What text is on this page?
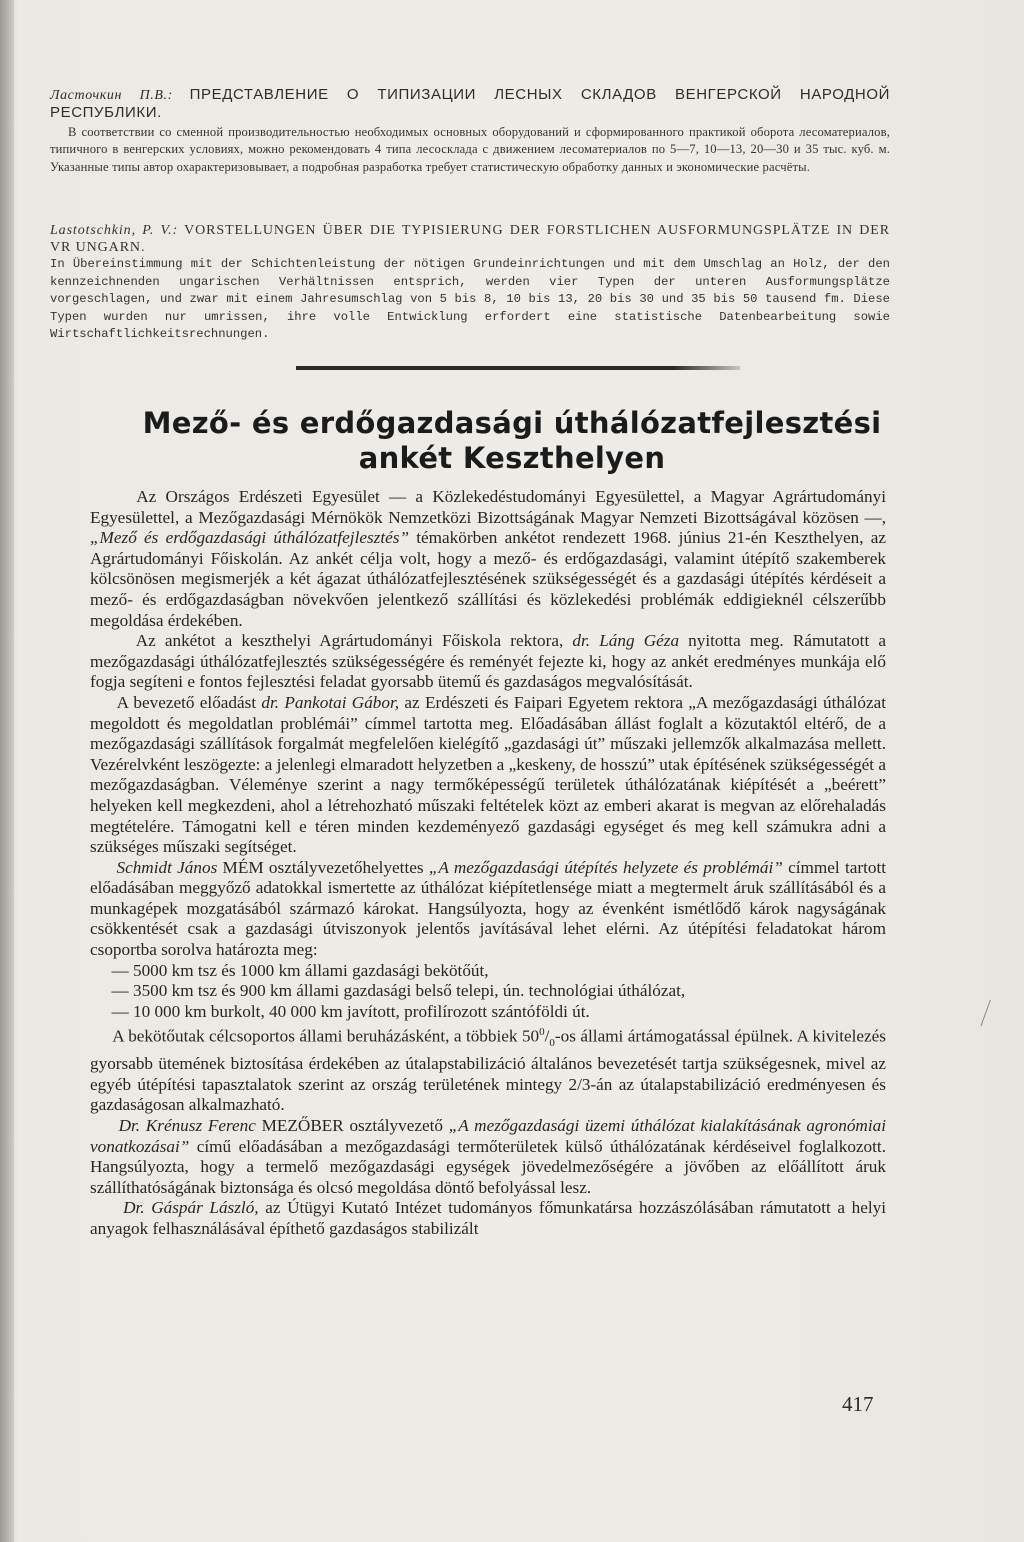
Ласточкин П.В.: ПРЕДСТАВЛЕНИЕ О ТИПИЗАЦИИ ЛЕСНЫХ СКЛАДОВ ВЕНГЕРСКОЙ НАРОДНОЙ РЕСПУБЛИКИ.
В соответствии со сменной производительностью необходимых основных оборудований и сформированного практикой оборота лесоматериалов, типичного в венгерских условиях, можно рекомендовать 4 типа лесосклада с движением лесоматериалов по 5—7, 10—13, 20—30 и 35 тыс. куб. м. Указанные типы автор охарактеризовывает, а подробная разработка требует статистическую обработку данных и экономические расчёты.
Lastotschkin, P. V.: VORSTELLUNGEN ÜBER DIE TYPISIERUNG DER FORSTLICHEN AUSFORMUNGSPLÄTZE IN DER VR UNGARN.
In Übereinstimmung mit der Schichtenleistung der nötigen Grundeinrichtungen und mit dem Umschlag an Holz, der den kennzeichnenden ungarischen Verhältnissen entsprich, werden vier Typen der unteren Ausformungsplätze vorgeschlagen, und zwar mit einem Jahresumschlag von 5 bis 8, 10 bis 13, 20 bis 30 und 35 bis 50 tausend fm. Diese Typen wurden nur umrissen, ihre volle Entwicklung erfordert eine statistische Datenbearbeitung sowie Wirtschaftlichkeitsrechnungen.
Mező- és erdőgazdasági úthálózatfejlesztési
ankét Keszthelyen

Az Országos Erdészeti Egyesület — a Közlekedéstudományi Egyesülettel, a Magyar Agrártudományi Egyesülettel, a Mezőgazdasági Mérnökök Nemzetközi Bizottságának Magyar Nemzeti Bizottságával közösen —, „Mező és erdőgazdasági úthálózatfejlesztés” témakörben ankétot rendezett 1968. június 21-én Keszthelyen, az Agrártudományi Főiskolán. Az ankét célja volt, hogy a mező- és erdőgazdasági, valamint útépítő szakemberek kölcsönösen megismerjék a két ágazat úthálózatfejlesztésének szükségességét és a gazdasági útépítés kérdéseit a mező- és erdőgazdaságban növekvően jelentkező szállítási és közlekedési problémák eddigieknél célszerűbb megoldása érdekében.

Az ankétot a keszthelyi Agrártudományi Főiskola rektora, dr. Láng Géza nyitotta meg. Rámutatott a mezőgazdasági úthálózatfejlesztés szükségességére és reményét fejezte ki, hogy az ankét eredményes munkája elő fogja segíteni e fontos fejlesztési feladat gyorsabb ütemű és gazdaságos megvalósítását.

A bevezető előadást dr. Pankotai Gábor, az Erdészeti és Faipari Egyetem rektora „A mezőgazdasági úthálózat megoldott és megoldatlan problémái” címmel tartotta meg. Előadásában állást foglalt a közutaktól eltérő, de a mezőgazdasági szállítások forgalmát megfelelően kielégítő „gazdasági út” műszaki jellemzők alkalmazása mellett. Vezérelvként leszögezte: a jelenlegi elmaradott helyzetben a „keskeny, de hosszú” utak építésének szükségességét a mezőgazdaságban. Véleménye szerint a nagy termőképességű területek úthálózatának kiépítését a „beérett” helyeken kell megkezdeni, ahol a létrehozható műszaki feltételek közt az emberi akarat is megvan az előrehaladás megtételére. Támogatni kell e téren minden kezdeményező gazdasági egységet és meg kell számukra adni a szükséges műszaki segítséget.

Schmidt János MÉM osztályvezetőhelyettes „A mezőgazdasági útépítés helyzete és problémái” címmel tartott előadásában meggyőző adatokkal ismertette az úthálózat kiépítetlensége miatt a megtermelt áruk szállításából és a munkagépek mozgatásából származó károkat. Hangsúlyozta, hogy az évenként ismétlődő károk nagyságának csökkentését csak a gazdasági útviszonyok jelentős javításával lehet elérni. Az útépítési feladatokat három csoportba sorolva határozta meg:

— 5000 km tsz és 1000 km állami gazdasági bekötőút,

— 3500 km tsz és 900 km állami gazdasági belső telepi, ún. technológiai úthálózat,

— 10 000 km burkolt, 40 000 km javított, profilírozott szántóföldi út.

A bekötőutak célcsoportos állami beruházásként, a többiek $50^0/_0-os$ állami ártámogatással épülnek. A kivitelezés gyorsabb ütemének biztosítása érdekében az útalapstabilizáció általános bevezetését tartja szükségesnek, mivel az egyéb útépítési tapasztalatok szerint az ország területének mintegy 2/3-án az útalapstabilizáció eredményesen és gazdaságosan alkalmazható.

Dr. Krénusz Ferenc MEZŐBER osztályvezető „A mezőgazdasági üzemi úthálózat kialakításának agronómiai vonatkozásai” című előadásában a mezőgazdasági termőterületek külső úthálózatának kérdéseivel foglalkozott. Hangsúlyozta, hogy a termelő mezőgazdasági egységek jövedelmezőségére a jövőben az előállított áruk szállíthatóságának biztonsága és olcsó megoldása döntő befolyással lesz.

Dr. Gáspár László, az Útügyi Kutató Intézet tudományos főmunkatársa hozzászólásában rámutatott a helyi anyagok felhasználásával építhető gazdaságos stabilizált

417
